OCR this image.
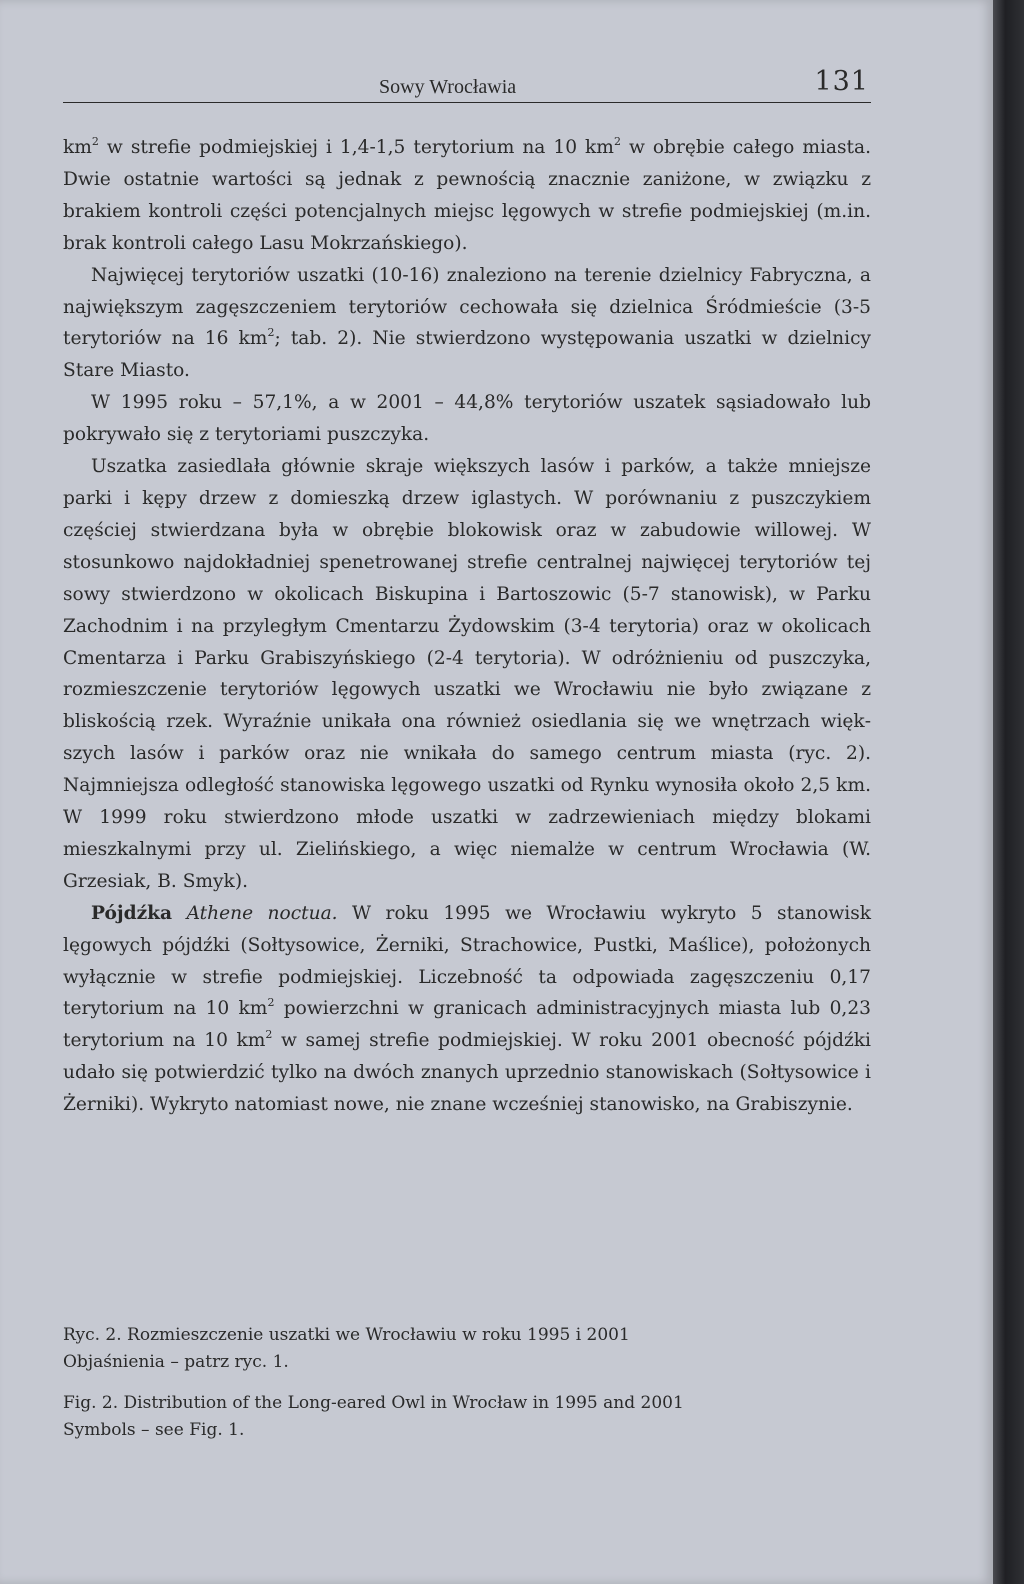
Sowy Wrocławia	131

$km^2$ w strefie podmiejskiej i 1,4-1,5 terytorium na 10 $km^2$ w obrębie całego miasta. Dwie ostatnie wartości są jednak z pewnością znacznie zaniżone, w związku z brakiem kontroli części potencjalnych miejsc lęgowych w strefie podmiejskiej (m.in. brak kontroli całego Lasu Mokrzańskiego).

Najwięcej terytoriów uszatki (10-16) znaleziono na terenie dzielnicy Fabryczna, a największym zagęszczeniem terytoriów cechowała się dzielnica Śródmieście (3-5 terytoriów na 16 $km^2$; tab. 2). Nie stwierdzono występowania uszatki w dzielnicy Stare Miasto.

W 1995 roku – 57,1%, a w 2001 – 44,8% terytoriów uszatek sąsiadowało lub pokrywało się z terytoriami puszczyka.

Uszatka zasiedlała głównie skraje większych lasów i parków, a także mniejsze parki i kępy drzew z domieszką drzew iglastych. W porównaniu z puszczykiem częściej stwierdzana była w obrębie blokowisk oraz w zabudowie willowej. W stosunkowo najdokładniej spenetrowanej strefie centralnej najwięcej terytoriów tej sowy stwierdzono w okolicach Biskupina i Bartoszowic (5-7 stanowisk), w Parku Zachodnim i na przyległym Cmentarzu Żydowskim (3-4 terytoria) oraz w okolicach Cmentarza i Parku Grabiszyńskiego (2-4 terytoria). W odróżnieniu od puszczyka, rozmieszczenie terytoriów lęgowych uszatki we Wrocławiu nie było związane z bliskością rzek. Wyraźnie unikała ona również osiedlania się we wnętrzach większych lasów i parków oraz nie wnikała do samego centrum miasta (ryc. 2). Najmniejsza odległość stanowiska lęgowego uszatki od Rynku wynosiła około 2,5 km. W 1999 roku stwierdzono młode uszatki w zadrzewieniach między blokami mieszkalnymi przy ul. Zielińskiego, a więc niemalże w centrum Wrocławia (W. Grzesiak, B. Smyk).

Pójdźka Athene noctua. W roku 1995 we Wrocławiu wykryto 5 stanowisk lęgowych pójdźki (Sołtysowice, Żerniki, Strachowice, Pustki, Maślice), położonych wyłącznie w strefie podmiejskiej. Liczebność ta odpowiada zagęszczeniu 0,17 terytorium na 10 $km^2$ powierzchni w granicach administracyjnych miasta lub 0,23 terytorium na 10 $km^2$ w samej strefie podmiejskiej. W roku 2001 obecność pójdźki udało się potwierdzić tylko na dwóch znanych uprzednio stanowiskach (Sołtysowice i Żerniki). Wykryto natomiast nowe, nie znane wcześniej stanowisko, na Grabiszynie.

Ryc. 2. Rozmieszczenie uszatki we Wrocławiu w roku 1995 i 2001
Objaśnienia – patrz ryc. 1.
Fig. 2. Distribution of the Long-eared Owl in Wrocław in 1995 and 2001
Symbols – see Fig. 1.
